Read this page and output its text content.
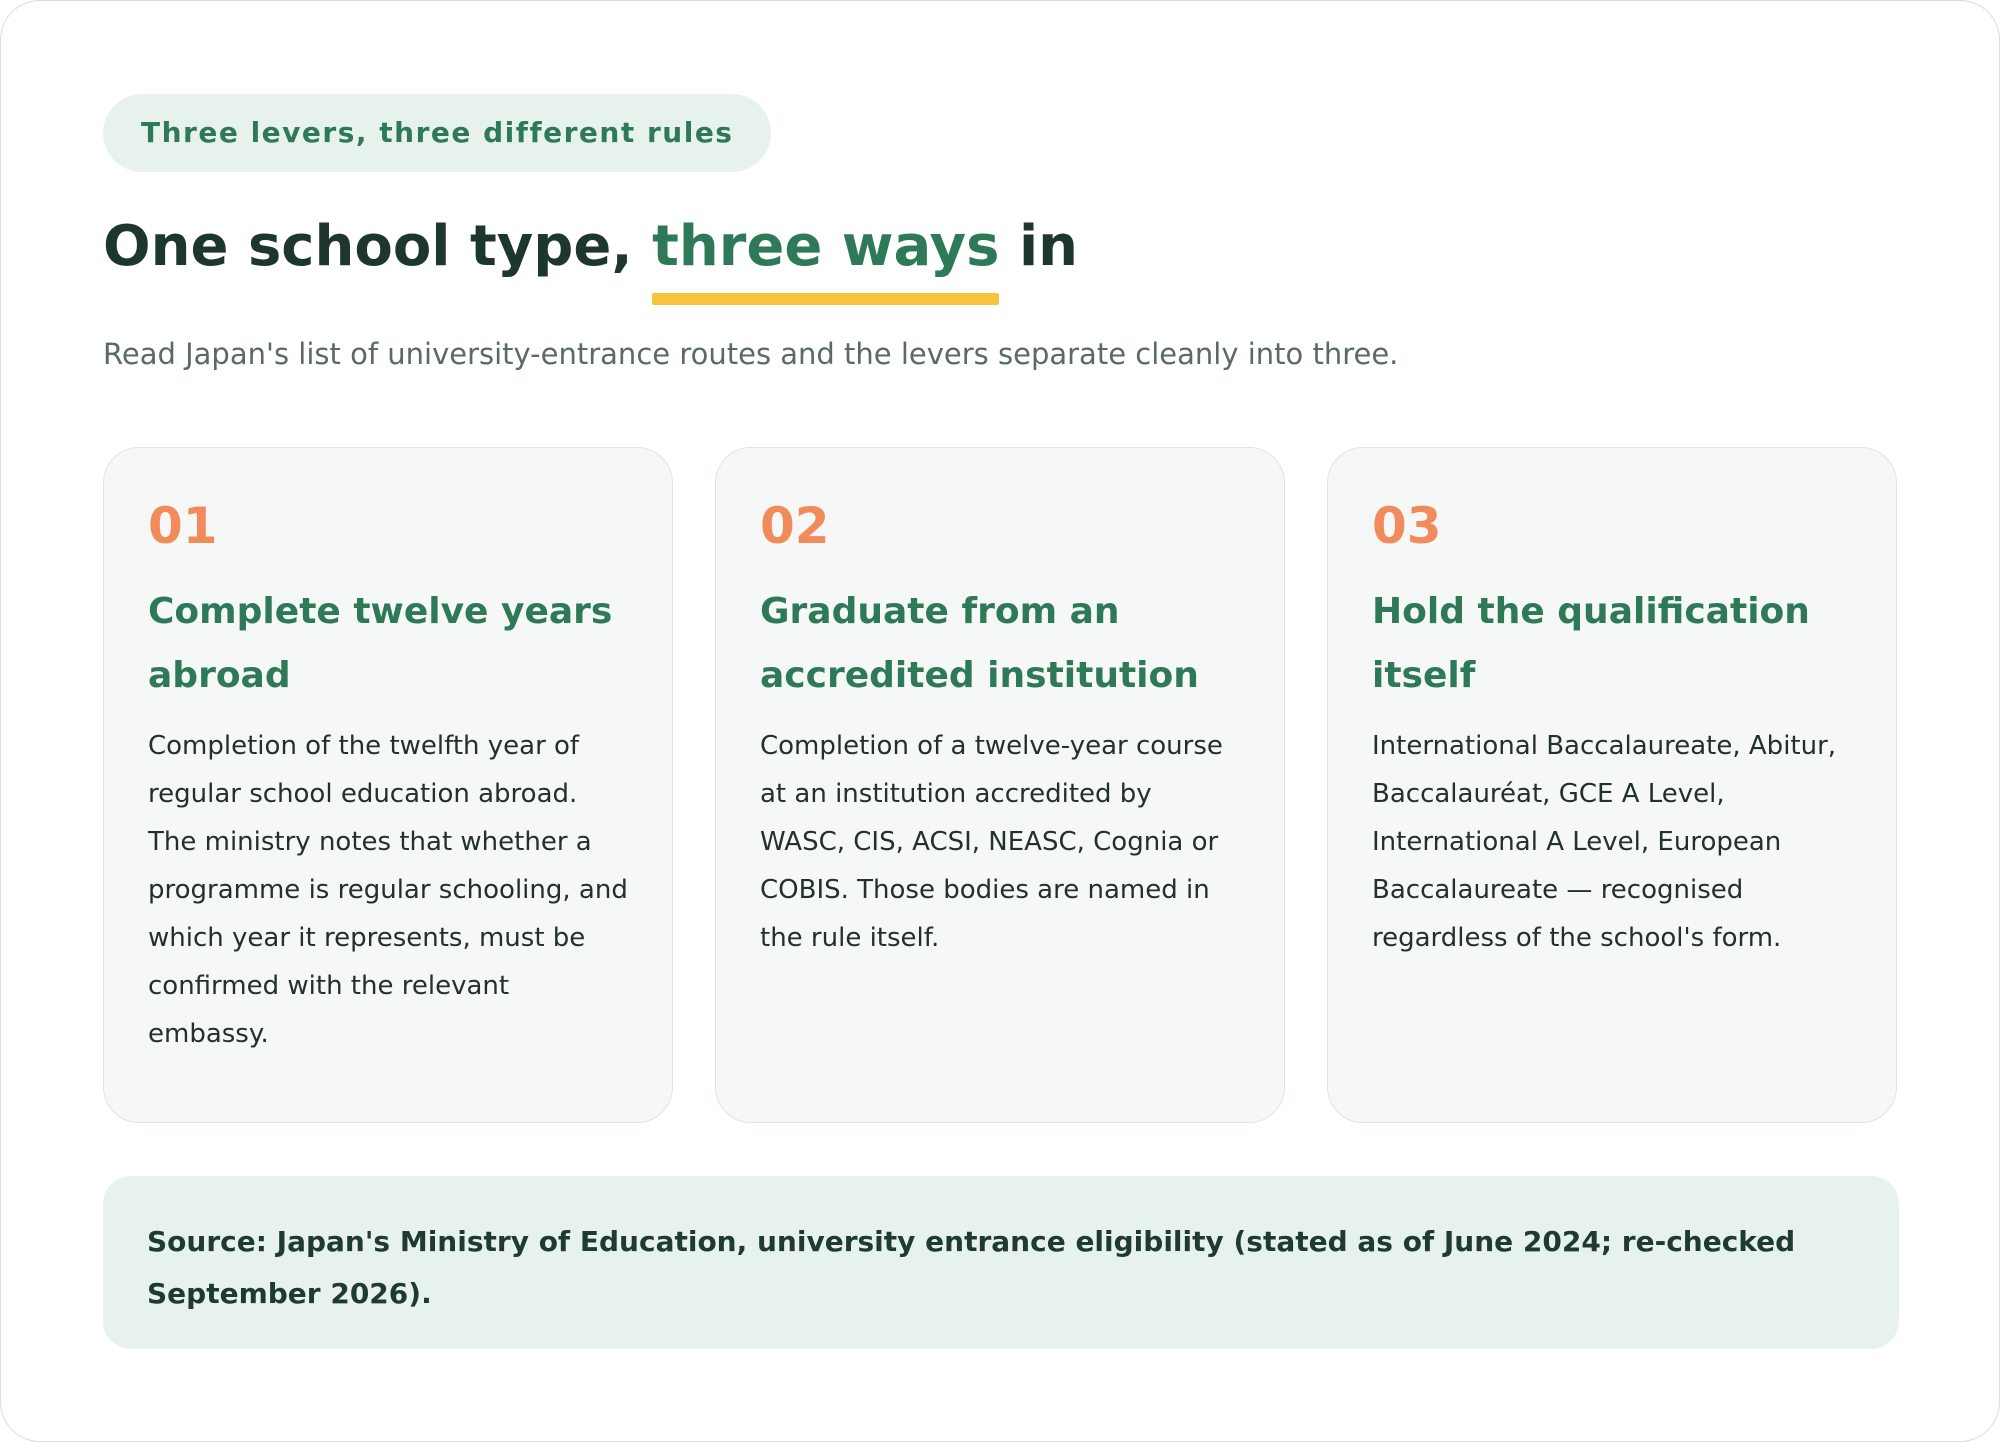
Three levers, three different rules
One school type, three ways
in

Read Japan's list of university-entrance routes and the levers separate cleanly into three.

01
Complete twelve years abroad
Completion of the twelfth year of regular school education abroad. The ministry notes that whether a programme is regular schooling, and which year it represents, must be confirmed with the relevant embassy.
02
Graduate from an accredited institution
Completion of a twelve-year course at an institution accredited by WASC, CIS, ACSI, NEASC, Cognia or COBIS. Those bodies are named in the rule itself.
03
Hold the qualification itself
International Baccalaureate, Abitur, Baccalauréat, GCE A Level, International A Level, European Baccalaureate — recognised regardless of the school's form.
Source: Japan's Ministry of Education, university entrance eligibility (stated as of June 2024; re-checked September 2026).
